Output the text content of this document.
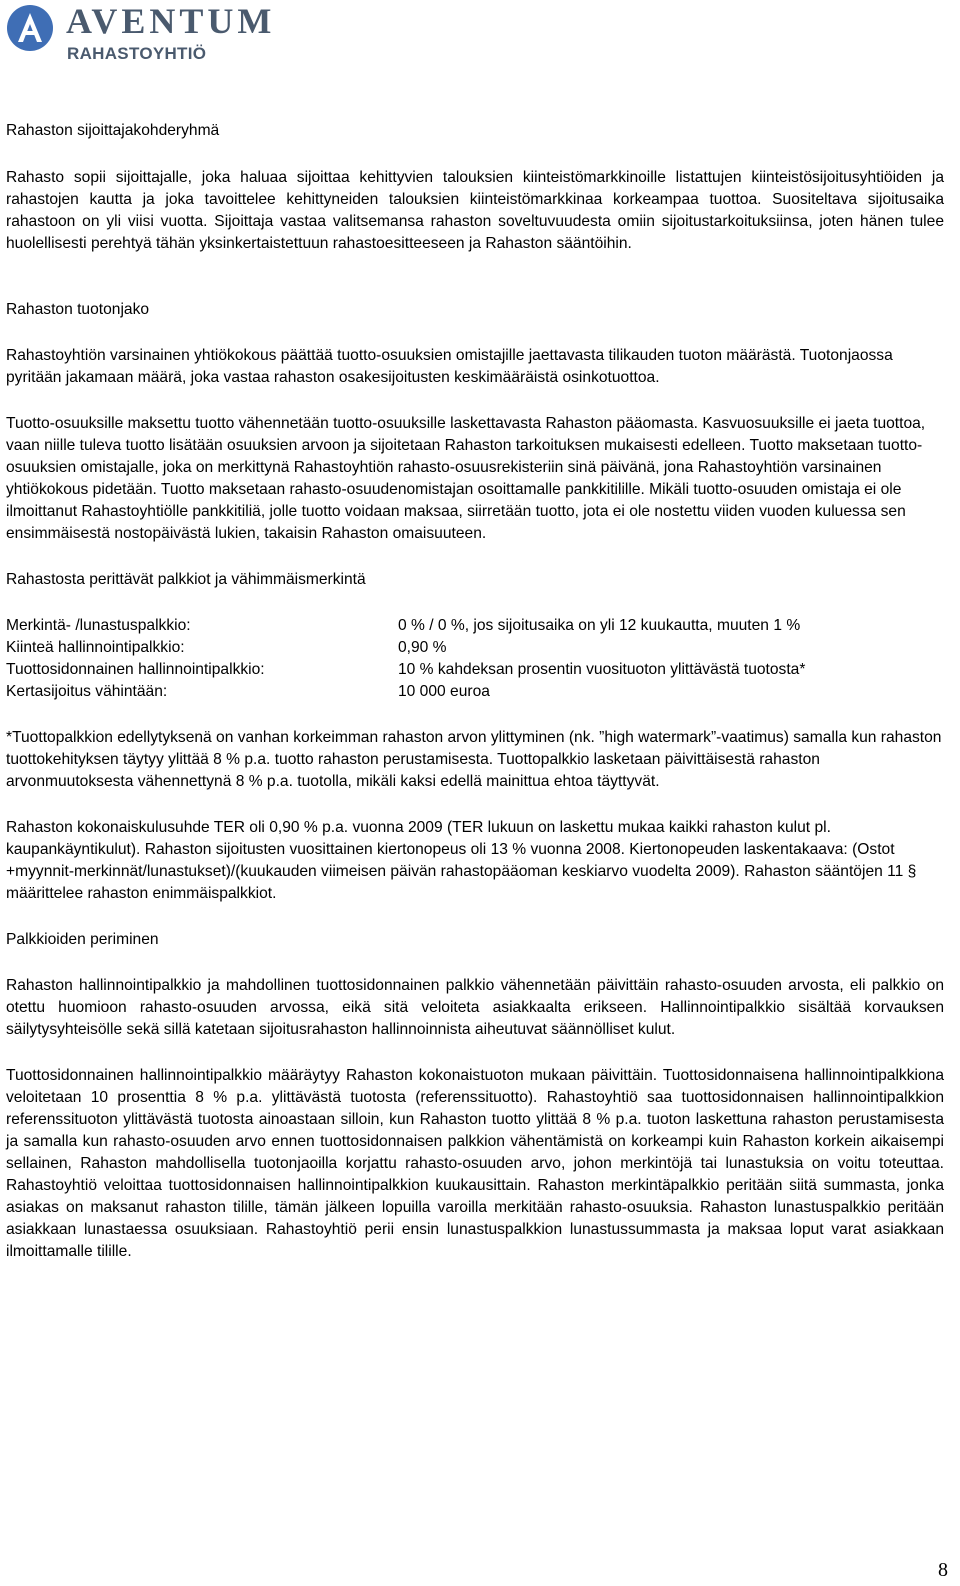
AVENTUM
RAHASTOYHTIÖ
Rahaston sijoittajakohderyhmä

Rahasto sopii sijoittajalle, joka haluaa sijoittaa kehittyvien talouksien kiinteistömarkkinoille listattujen kiinteistösijoitusyhtiöiden ja rahastojen kautta ja joka tavoittelee kehittyneiden talouksien kiinteistömarkkinaa korkeampaa tuottoa. Suositeltava sijoitusaika rahastoon on yli viisi vuotta. Sijoittaja vastaa valitsemansa rahaston soveltuvuudesta omiin sijoitustarkoituksiinsa, joten hänen tulee huolellisesti perehtyä tähän yksinkertaistettuun rahastoesitteeseen ja Rahaston sääntöihin.

Rahaston tuotonjako

Rahastoyhtiön varsinainen yhtiökokous päättää tuotto-osuuksien omistajille jaettavasta tilikauden tuoton määrästä. Tuotonjaossa pyritään jakamaan määrä, joka vastaa rahaston osakesijoitusten keskimääräistä osinkotuottoa.

Tuotto-osuuksille maksettu tuotto vähennetään tuotto-osuuksille laskettavasta Rahaston pääomasta. Kasvuosuuksille ei jaeta tuottoa, vaan niille tuleva tuotto lisätään osuuksien arvoon ja sijoitetaan Rahaston tarkoituksen mukaisesti edelleen. Tuotto maksetaan tuotto-osuuksien omistajalle, joka on merkittynä Rahastoyhtiön rahasto-osuusrekisteriin sinä päivänä, jona Rahastoyhtiön varsinainen yhtiökokous pidetään. Tuotto maksetaan rahasto-osuudenomistajan osoittamalle pankkitilille. Mikäli tuotto-osuuden omistaja ei ole ilmoittanut Rahastoyhtiölle pankkitiliä, jolle tuotto voidaan maksaa, siirretään tuotto, jota ei ole nostettu viiden vuoden kuluessa sen ensimmäisestä nostopäivästä lukien, takaisin Rahaston omaisuuteen.

Rahastosta perittävät palkkiot ja vähimmäismerkintä
Merkintä- /lunastuspalkkio:	0 % / 0 %, jos sijoitusaika on yli 12 kuukautta, muuten 1 %
Kiinteä hallinnointipalkkio:	0,90 %
Tuottosidonnainen hallinnointipalkkio:	10 % kahdeksan prosentin vuosituoton ylittävästä tuotosta*
Kertasijoitus vähintään:	10 000 euroa

*Tuottopalkkion edellytyksenä on vanhan korkeimman rahaston arvon ylittyminen (nk. ”high watermark”-vaatimus) samalla kun rahaston tuottokehityksen täytyy ylittää 8 % p.a. tuotto rahaston perustamisesta. Tuottopalkkio lasketaan päivittäisestä rahaston arvonmuutoksesta vähennettynä 8 % p.a. tuotolla, mikäli kaksi edellä mainittua ehtoa täyttyvät.

Rahaston kokonaiskulusuhde TER oli 0,90 % p.a. vuonna 2009 (TER lukuun on laskettu mukaa kaikki rahaston kulut pl. kaupankäyntikulut). Rahaston sijoitusten vuosittainen kiertonopeus oli 13 % vuonna 2008. Kiertonopeuden laskentakaava: (Ostot +myynnit-merkinnät/lunastukset)/(kuukauden viimeisen päivän rahastopääoman keskiarvo vuodelta 2009). Rahaston sääntöjen 11 § määrittelee rahaston enimmäispalkkiot.

Palkkioiden periminen

Rahaston hallinnointipalkkio ja mahdollinen tuottosidonnainen palkkio vähennetään päivittäin rahasto-osuuden arvosta, eli palkkio on otettu huomioon rahasto-osuuden arvossa, eikä sitä veloiteta asiakkaalta erikseen. Hallinnointipalkkio sisältää korvauksen säilytysyhteisölle sekä sillä katetaan sijoitusrahaston hallinnoinnista aiheutuvat säännölliset kulut.

Tuottosidonnainen hallinnointipalkkio määräytyy Rahaston kokonaistuoton mukaan päivittäin. Tuottosidonnaisena hallinnointipalkkiona veloitetaan 10 prosenttia 8 % p.a. ylittävästä tuotosta (referenssituotto). Rahastoyhtiö saa tuottosidonnaisen hallinnointipalkkion referenssituoton ylittävästä tuotosta ainoastaan silloin, kun Rahaston tuotto ylittää 8 % p.a. tuoton laskettuna rahaston perustamisesta ja samalla kun rahasto-osuuden arvo ennen tuottosidonnaisen palkkion vähentämistä on korkeampi kuin Rahaston korkein aikaisempi sellainen, Rahaston mahdollisella tuotonjaoilla korjattu rahasto-osuuden arvo, johon merkintöjä tai lunastuksia on voitu toteuttaa. Rahastoyhtiö veloittaa tuottosidonnaisen hallinnointipalkkion kuukausittain. Rahaston merkintäpalkkio peritään siitä summasta, jonka asiakas on maksanut rahaston tilille, tämän jälkeen lopuilla varoilla merkitään rahasto-osuuksia. Rahaston lunastuspalkkio peritään asiakkaan lunastaessa osuuksiaan. Rahastoyhtiö perii ensin lunastuspalkkion lunastussummasta ja maksaa loput varat asiakkaan ilmoittamalle tilille.

8
